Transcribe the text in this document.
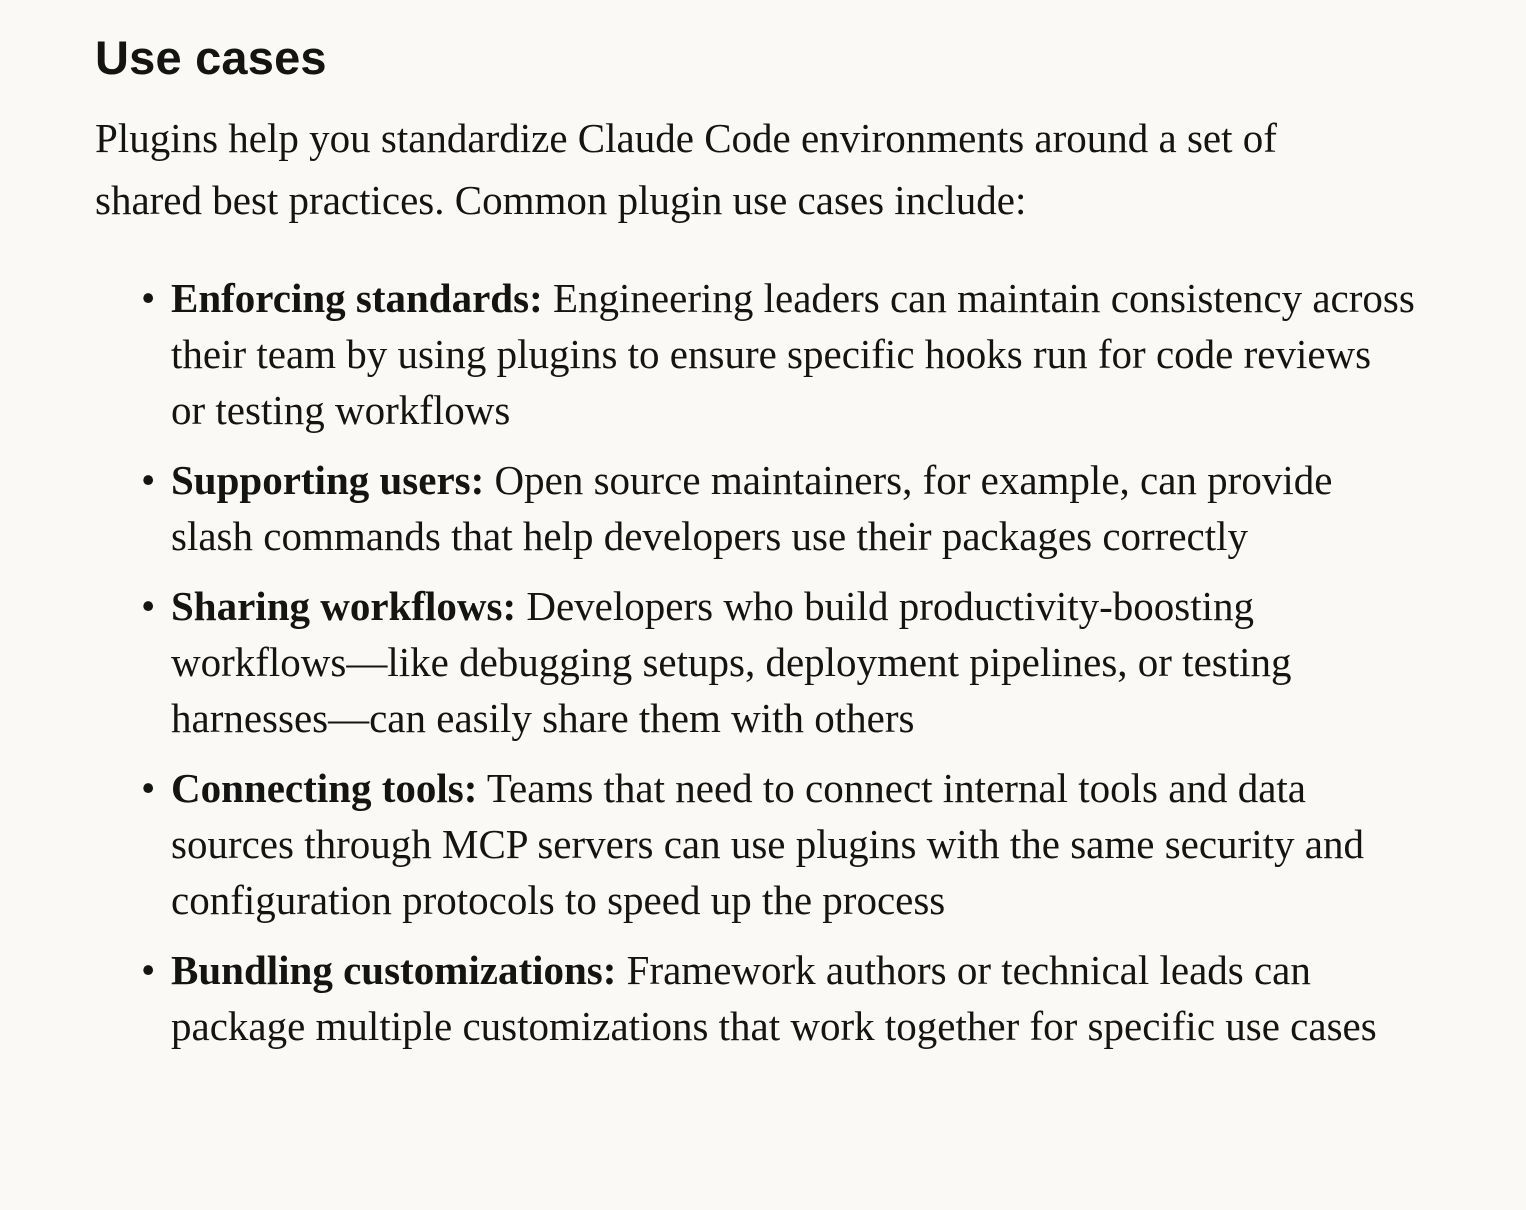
Use cases

Plugins help you standardize Claude Code environments around a set of shared best practices. Common plugin use cases include:

• Enforcing standards: Engineering leaders can maintain consistency across their team by using plugins to ensure specific hooks run for code reviews or testing workflows
• Supporting users: Open source maintainers, for example, can provide slash commands that help developers use their packages correctly
• Sharing workflows: Developers who build productivity-boosting workflows—like debugging setups, deployment pipelines, or testing harnesses—can easily share them with others
• Connecting tools: Teams that need to connect internal tools and data sources through MCP servers can use plugins with the same security and configuration protocols to speed up the process
• Bundling customizations: Framework authors or technical leads can package multiple customizations that work together for specific use cases
